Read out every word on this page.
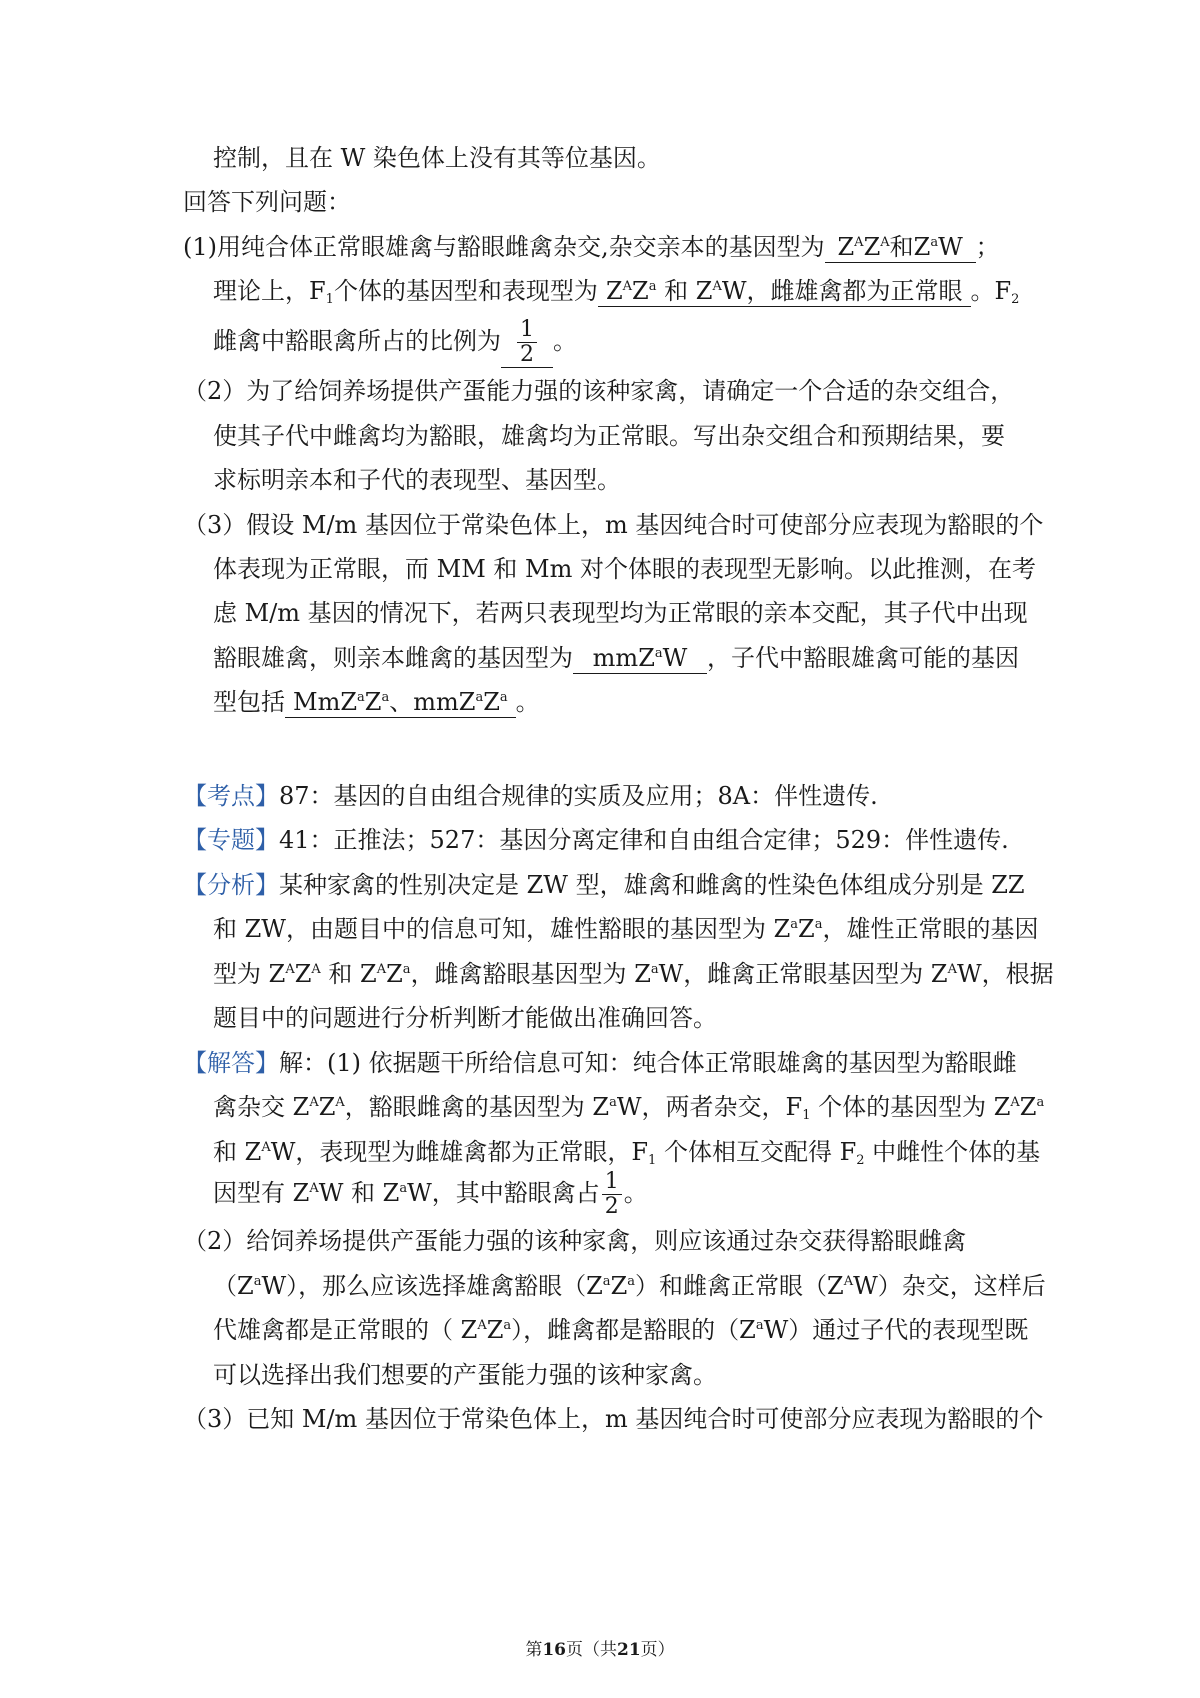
控制，且在 W 染色体上没有其等位基因。
回答下列问题：
(1)用纯合体正常眼雄禽与豁眼雌禽杂交,杂交亲本的基因型为 $Z^AZ^A$和$Z^aW$ ；
理论上，$F_1$个体的基因型和表现型为 $Z^AZ^a$ 和 $Z^AW$，雌雄禽都为正常眼 。$F_2$
雌禽中豁眼禽所占的比例为 $\frac{1}{2}$ 。
（2）为了给饲养场提供产蛋能力强的该种家禽，请确定一个合适的杂交组合，
使其子代中雌禽均为豁眼，雄禽均为正常眼。写出杂交组合和预期结果，要
求标明亲本和子代的表现型、基因型。
（3）假设 M/m 基因位于常染色体上，m 基因纯合时可使部分应表现为豁眼的个
体表现为正常眼，而 MM 和 Mm 对个体眼的表现型无影响。以此推测，在考
虑 M/m 基因的情况下，若两只表现型均为正常眼的亲本交配，其子代中出现
豁眼雄禽，则亲本雌禽的基因型为 mmZ$^a$W ，子代中豁眼雄禽可能的基因
型包括 $MmZ^aZ^a$、$mmZ^aZ^a$ 。
【考点】87：基因的自由组合规律的实质及应用；8A：伴性遗传.
【专题】41：正推法；527：基因分离定律和自由组合定律；529：伴性遗传.
【分析】某种家禽的性别决定是 ZW 型，雄禽和雌禽的性染色体组成分别是 ZZ
和 ZW，由题目中的信息可知，雄性豁眼的基因型为 $Z^aZ^a$，雄性正常眼的基因
型为 $Z^AZ^A$ 和 $Z^AZ^a$，雌禽豁眼基因型为 $Z^aW$，雌禽正常眼基因型为 $Z^AW$，根据
题目中的问题进行分析判断才能做出准确回答。
【解答】解：(1) 依据题干所给信息可知：纯合体正常眼雄禽的基因型为豁眼雌
禽杂交 $Z^AZ^A$，豁眼雌禽的基因型为 $Z^aW$，两者杂交，$F_1$ 个体的基因型为 $Z^AZ^a$
和 $Z^AW$，表现型为雌雄禽都为正常眼，$F_1$ 个体相互交配得 $F_2$ 中雌性个体的基
因型有 $Z^AW$ 和 $Z^aW$，其中豁眼禽占 $\frac{1}{2}$ 。
（2）给饲养场提供产蛋能力强的该种家禽，则应该通过杂交获得豁眼雌禽
$(Z^aW)$，那么应该选择雄禽豁眼$(Z^aZ^a)$和雌禽正常眼$(Z^AW)$杂交，这样后
代雄禽都是正常眼的（ $Z^AZ^a$），雌禽都是豁眼的$(Z^aW)$通过子代的表现型既
可以选择出我们想要的产蛋能力强的该种家禽。
（3）已知 M/m 基因位于常染色体上，m 基因纯合时可使部分应表现为豁眼的个
第16页（共21页）
